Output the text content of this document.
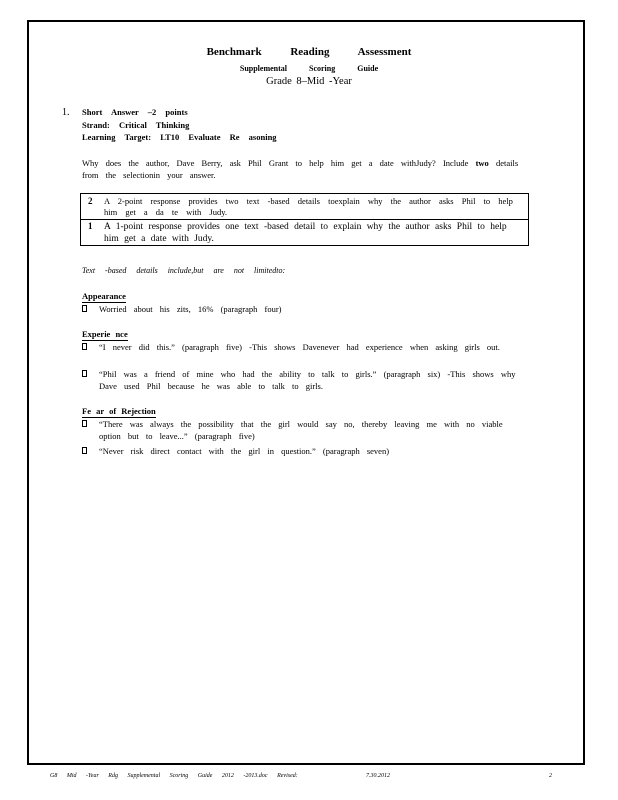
Benchmark Reading Assessment
Supplemental Scoring Guide
Grade 8–Mid -Year
1. Short Answer –2 points
Strand: Critical Thinking
Learning Target: LT10 Evaluate Re asoning
Why does the author, Dave Berry, ask Phil Grant to help him get a date withJudy? Include two details from the selectionin your answer.
2 A 2-point response provides two text -based details toexplain why the author asks Phil to help him get a da te with Judy.
1 A 1-point response provides one text -based detail to explain why the author asks Phil to help him get a date with Judy.
Text -based details include,but are not limitedto:
Appearance
Worried about his zits, 16% (paragraph four)
Experie nce
“I never did this.” (paragraph five) -This shows Davenever had experience when asking girls out.
“Phil was a friend of mine who had the ability to talk to girls.” (paragraph six) -This shows why Dave used Phil because he was able to talk to girls.
Fe ar of Rejection
“There was always the possibility that the girl would say no, thereby leaving me with no viable option but to leave...” (paragraph five)
“Never risk direct contact with the girl in question.” (paragraph seven)
G8 Mid -Year Rdg Supplemental Scoring Guide 2012 -2013.doc Revised:	7.30.2012	2
